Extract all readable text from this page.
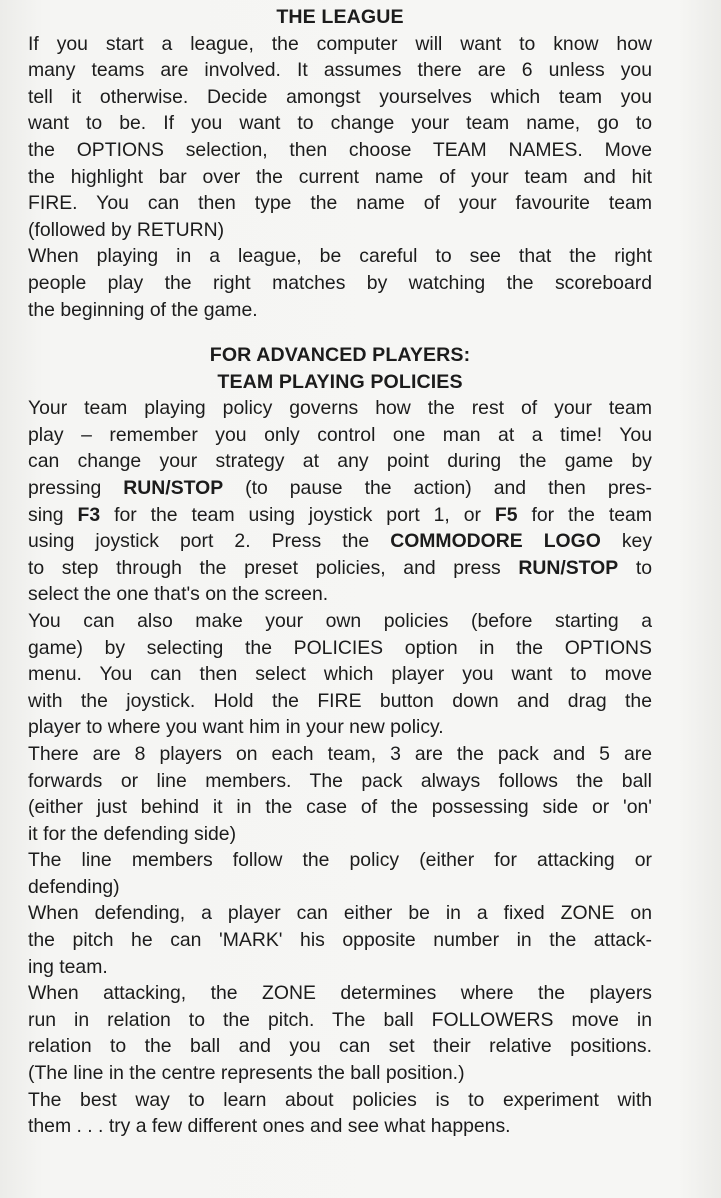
THE LEAGUE
If you start a league, the computer will want to know how
many teams are involved. It assumes there are 6 unless you
tell it otherwise. Decide amongst yourselves which team you
want to be. If you want to change your team name, go to
the OPTIONS selection, then choose TEAM NAMES. Move
the highlight bar over the current name of your team and hit
FIRE. You can then type the name of your favourite team
(followed by RETURN)
When playing in a league, be careful to see that the right
people play the right matches by watching the scoreboard
the beginning of the game.
FOR ADVANCED PLAYERS:
TEAM PLAYING POLICIES
Your team playing policy governs how the rest of your team
play – remember you only control one man at a time! You
can change your strategy at any point during the game by
pressing RUN/STOP (to pause the action) and then pres-
sing F3 for the team using joystick port 1, or F5 for the team
using joystick port 2. Press the COMMODORE LOGO key
to step through the preset policies, and press RUN/STOP to
select the one that's on the screen.
You can also make your own policies (before starting a
game) by selecting the POLICIES option in the OPTIONS
menu. You can then select which player you want to move
with the joystick. Hold the FIRE button down and drag the
player to where you want him in your new policy.
There are 8 players on each team, 3 are the pack and 5 are
forwards or line members. The pack always follows the ball
(either just behind it in the case of the possessing side or 'on'
it for the defending side)
The line members follow the policy (either for attacking or
defending)
When defending, a player can either be in a fixed ZONE on
the pitch he can 'MARK' his opposite number in the attack-
ing team.
When attacking, the ZONE determines where the players
run in relation to the pitch. The ball FOLLOWERS move in
relation to the ball and you can set their relative positions.
(The line in the centre represents the ball position.)
The best way to learn about policies is to experiment with
them . . . try a few different ones and see what happens.
